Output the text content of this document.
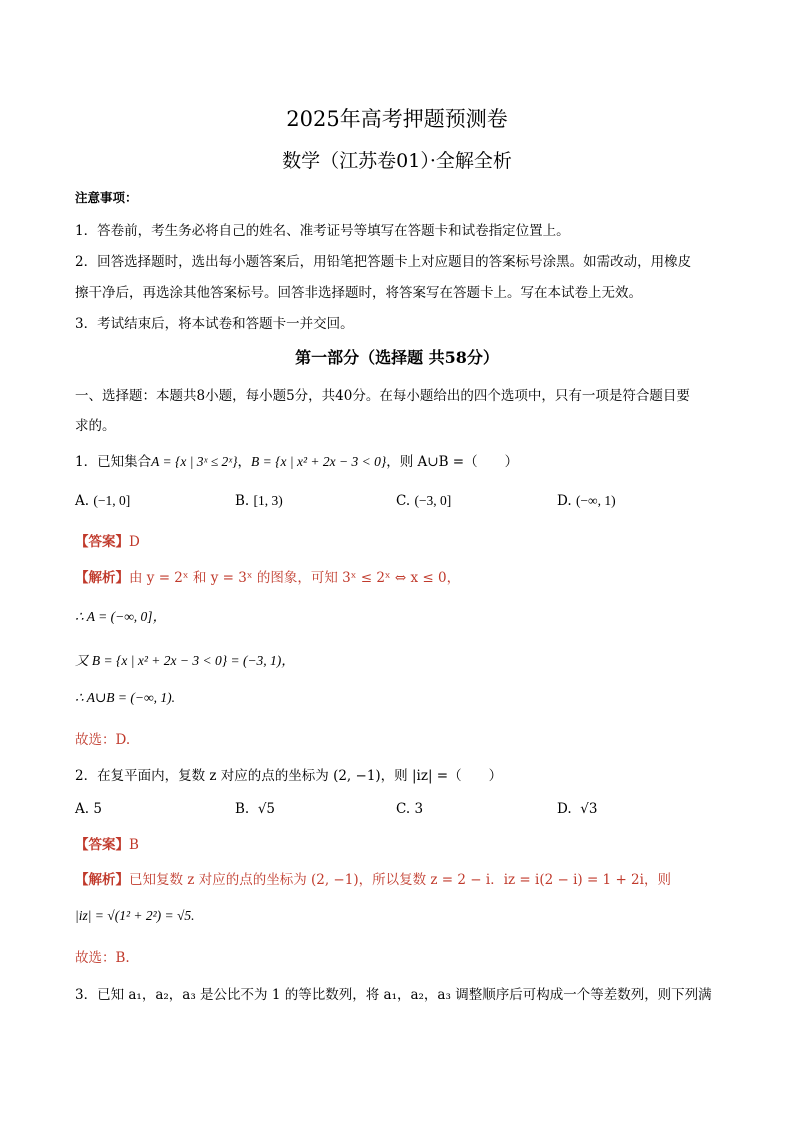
2025年高考押题预测卷
数学（江苏卷01）·全解全析
注意事项：
1．答卷前，考生务必将自己的姓名、准考证号等填写在答题卡和试卷指定位置上。
2．回答选择题时，选出每小题答案后，用铅笔把答题卡上对应题目的答案标号涂黑。如需改动，用橡皮
擦干净后，再选涂其他答案标号。回答非选择题时，将答案写在答题卡上。写在本试卷上无效。
3．考试结束后，将本试卷和答题卡一并交回。
第一部分（选择题 共58分）
一、选择题：本题共8小题，每小题5分，共40分。在每小题给出的四个选项中，只有一项是符合题目要
求的。
1．已知集合A = {x | 3ˣ ≤ 2ˣ}，B = {x | x² + 2x − 3 < 0}，则 A∪B =（　　）
A. (−1, 0]	B. [1, 3)	C. (−3, 0]	D. (−∞, 1)
【答案】D
【解析】由 y = 2ˣ 和 y = 3ˣ 的图象，可知 3ˣ ≤ 2ˣ ⇔ x ≤ 0，
∴ A = (−∞, 0]，
又 B = {x | x² + 2x − 3 < 0} = (−3, 1)，
∴ A∪B = (−∞, 1).
故选：D.
2．在复平面内，复数 z 对应的点的坐标为 (2, −1)，则 |iz| =（　　）
A. 5	B. √5	C. 3	D. √3
【答案】B
【解析】已知复数 z 对应的点的坐标为 (2, −1)，所以复数 z = 2 − i．iz = i(2 − i) = 1 + 2i，则
|iz| = √(1² + 2²) = √5.
故选：B.
3．已知 a₁，a₂，a₃ 是公比不为 1 的等比数列，将 a₁，a₂，a₃ 调整顺序后可构成一个等差数列，则下列满
